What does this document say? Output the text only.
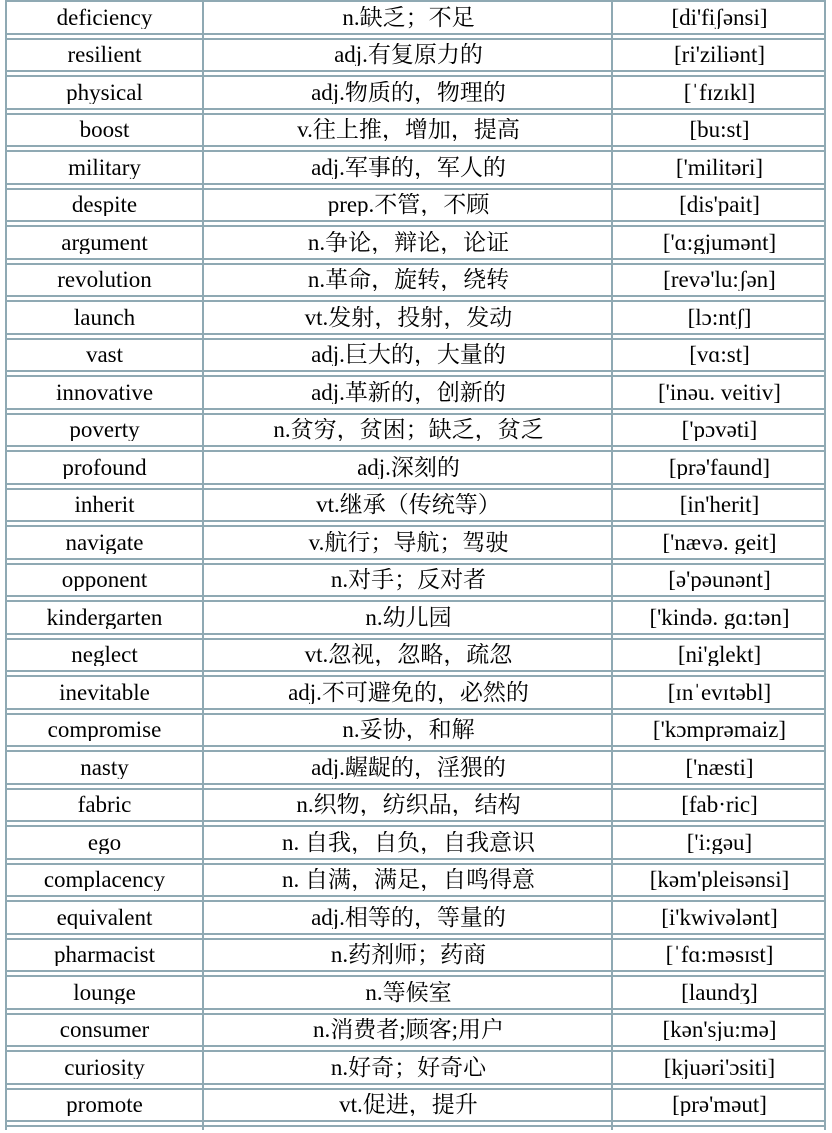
deficiency	n.缺乏；不足	[di'fiʃənsi]
resilient	adj.有复原力的	[ri'ziliənt]
physical	adj.物质的，物理的	[ˈfɪzɪkl]
boost	v.往上推，增加，提高	[bu:st]
military	adj.军事的，军人的	['militəri]
despite	prep.不管，不顾	[dis'pait]
argument	n.争论，辩论，论证	['ɑ:gjumənt]
revolution	n.革命，旋转，绕转	[revə'lu:ʃən]
launch	vt.发射，投射，发动	[lɔ:ntʃ]
vast	adj.巨大的，大量的	[vɑ:st]
innovative	adj.革新的，创新的	['inəu. veitiv]
poverty	n.贫穷，贫困；缺乏，贫乏	['pɔvəti]
profound	adj.深刻的	[prə'faund]
inherit	vt.继承（传统等）	[in'herit]
navigate	v.航行；导航；驾驶	['nævə. geit]
opponent	n.对手；反对者	[ə'pəunənt]
kindergarten	n.幼儿园	['kində. gɑ:tən]
neglect	vt.忽视，忽略，疏忽	[ni'glekt]
inevitable	adj.不可避免的，必然的	[ɪnˈevɪtəbl]
compromise	n.妥协，和解	['kɔmprəmaiz]
nasty	adj.龌龊的，淫猥的	['næsti]
fabric	n.织物，纺织品，结构	[fab·ric]
ego	n. 自我，自负，自我意识	['i:gəu]
complacency	n. 自满，满足，自鸣得意	[kəm'pleisənsi]
equivalent	adj.相等的，等量的	[i'kwivələnt]
pharmacist	n.药剂师；药商	[ˈfɑ:məsɪst]
lounge	n.等候室	[laundʒ]
consumer	n.消费者;顾客;用户	[kən'sju:mə]
curiosity	n.好奇；好奇心	[kjuəri'ɔsiti]
promote	vt.促进，提升	[prə'məut]
